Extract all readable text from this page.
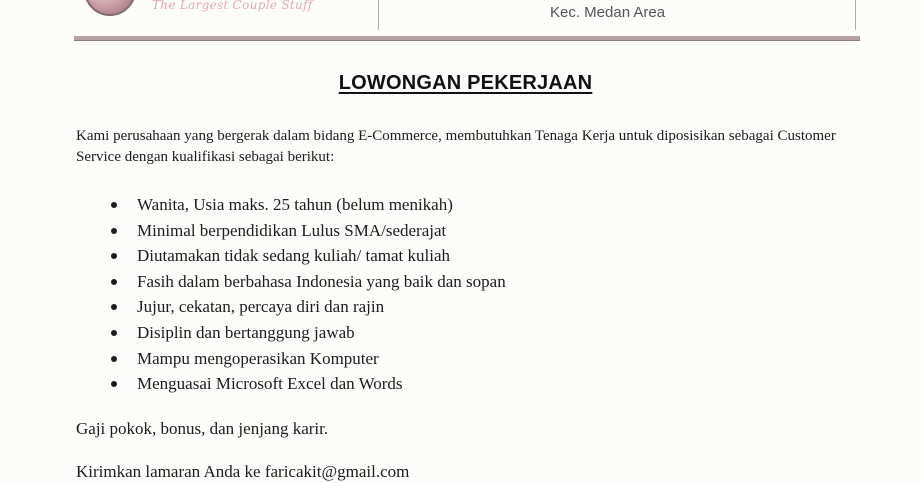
The Largest Couple Stuff	Kec. Medan Area
LOWONGAN PEKERJAAN

Kami perusahaan yang bergerak dalam bidang E-Commerce, membutuhkan Tenaga Kerja untuk diposisikan sebagai Customer Service dengan kualifikasi sebagai berikut:

Wanita, Usia maks. 25 tahun (belum menikah)
Minimal berpendidikan Lulus SMA/sederajat
Diutamakan tidak sedang kuliah/ tamat kuliah
Fasih dalam berbahasa Indonesia yang baik dan sopan
Jujur, cekatan, percaya diri dan rajin
Disiplin dan bertanggung jawab
Mampu mengoperasikan Komputer
Menguasai Microsoft Excel dan Words

Gaji pokok, bonus, dan jenjang karir.

Kirimkan lamaran Anda ke faricakit@gmail.com
